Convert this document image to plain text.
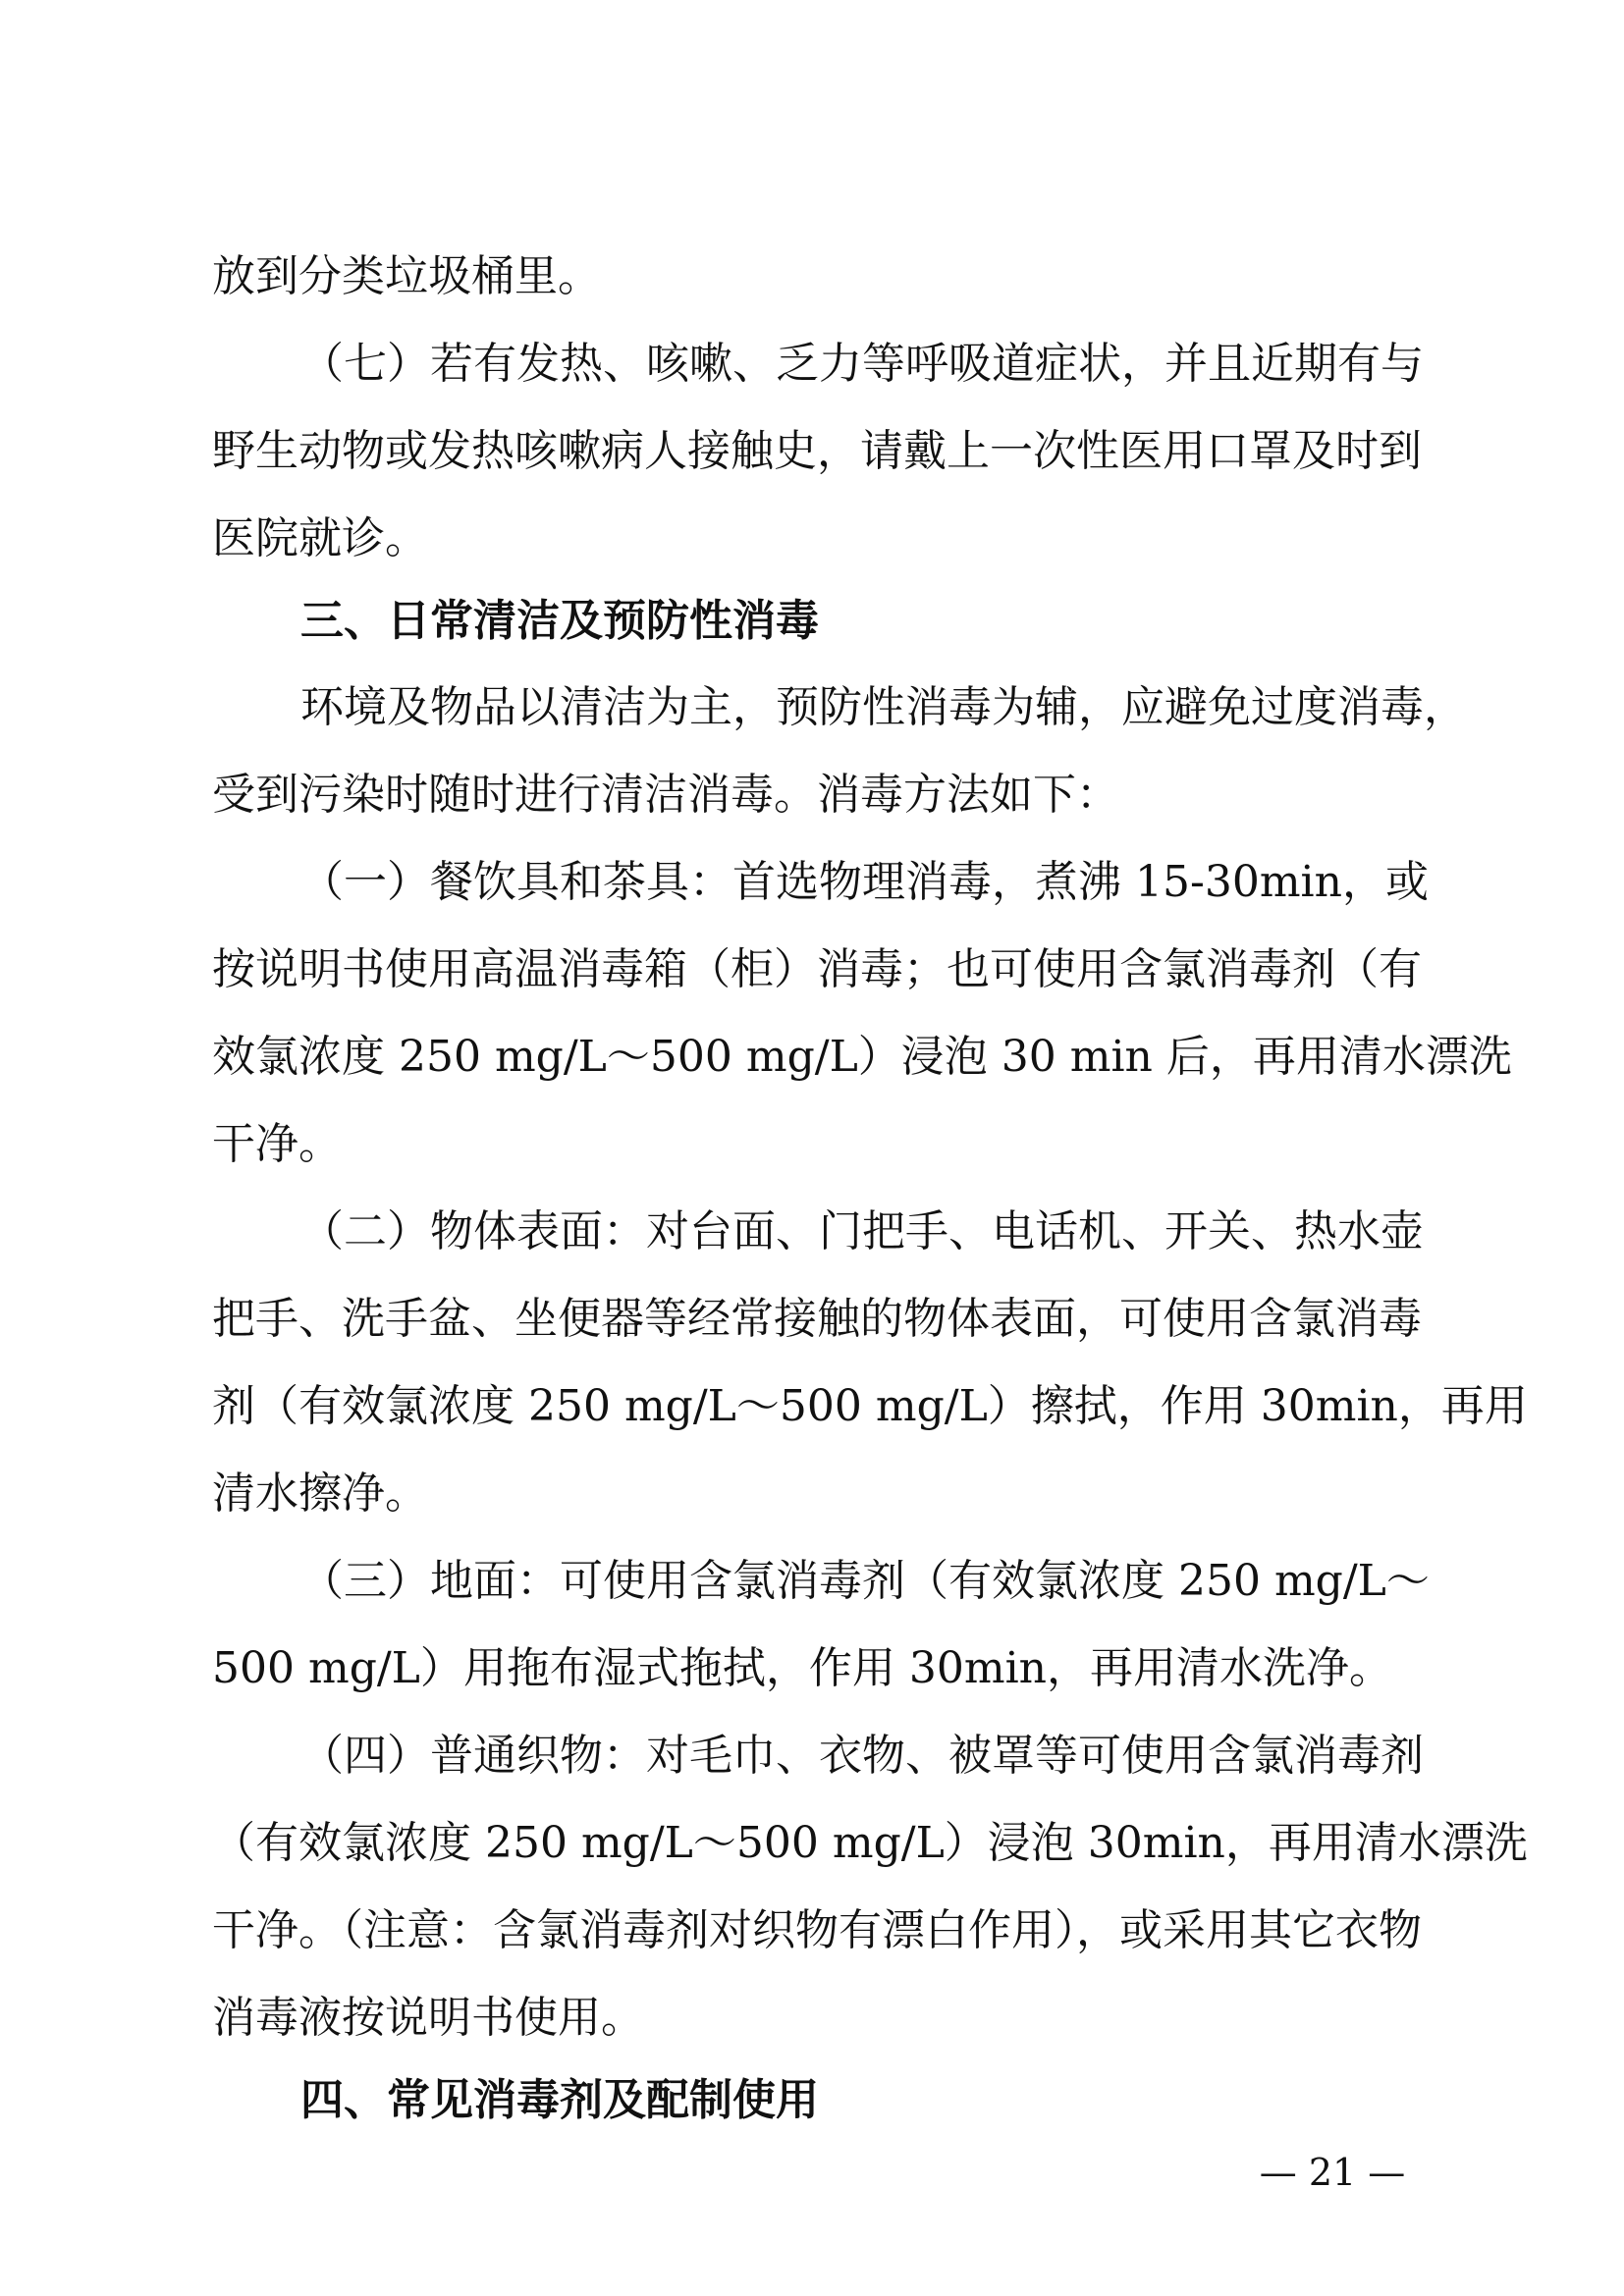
放到分类垃圾桶里。
（七）若有发热、咳嗽、乏力等呼吸道症状，并且近期有与
野生动物或发热咳嗽病人接触史，请戴上一次性医用口罩及时到
医院就诊。
三、日常清洁及预防性消毒
环境及物品以清洁为主，预防性消毒为辅，应避免过度消毒，
受到污染时随时进行清洁消毒。消毒方法如下：
（一）餐饮具和茶具：首选物理消毒，煮沸 15-30min，或
按说明书使用高温消毒箱（柜）消毒；也可使用含氯消毒剂（有
效氯浓度 250 mg/L～500 mg/L）浸泡 30 min 后，再用清水漂洗
干净。
（二）物体表面：对台面、门把手、电话机、开关、热水壶
把手、洗手盆、坐便器等经常接触的物体表面，可使用含氯消毒
剂（有效氯浓度 250 mg/L～500 mg/L）擦拭，作用 30min，再用
清水擦净。
（三）地面：可使用含氯消毒剂（有效氯浓度 250 mg/L～
500 mg/L）用拖布湿式拖拭，作用 30min，再用清水洗净。
（四）普通织物：对毛巾、衣物、被罩等可使用含氯消毒剂
（有效氯浓度 250 mg/L～500 mg/L）浸泡 30min，再用清水漂洗
干净。（注意：含氯消毒剂对织物有漂白作用），或采用其它衣物
消毒液按说明书使用。
四、常见消毒剂及配制使用
— 21 —
